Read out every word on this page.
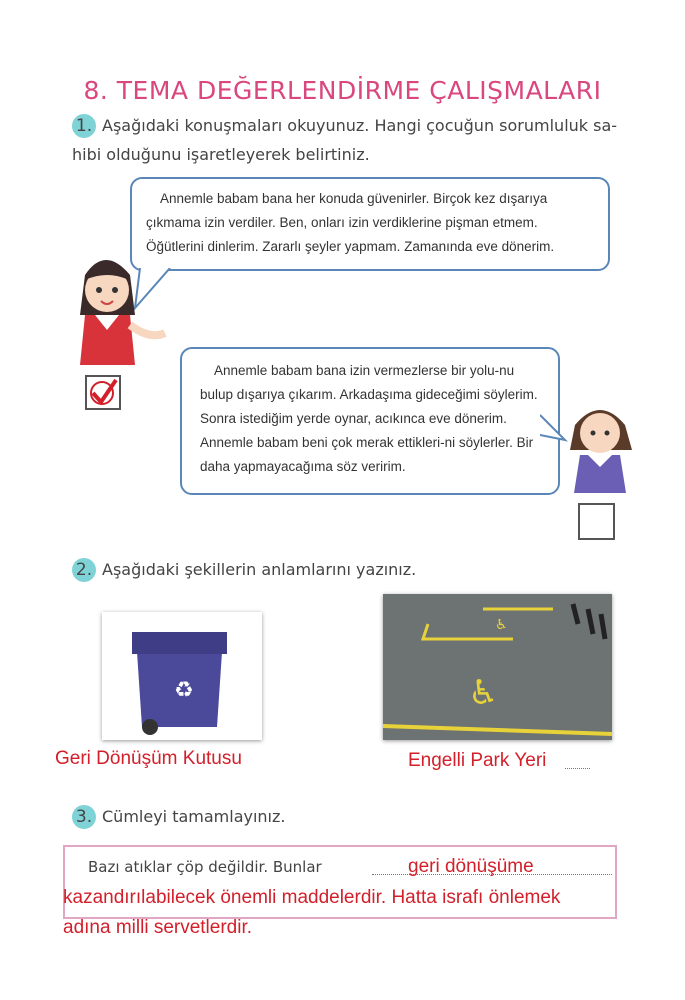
8. TEMA DEĞERLENDİRME ÇALIŞMALARI
1. Aşağıdaki konuşmaları okuyunuz. Hangi çocuğun sorumluluk sa-
hibi olduğunu işaretleyerek belirtiniz.
Annemle babam bana her konuda güvenirler. Birçok kez dışarıya çıkmama izin verdiler. Ben, onları izin verdiklerine pişman etmem. Öğütlerini dinlerim. Zararlı şeyler yapmam. Zamanında eve dönerim.
Annemle babam bana izin vermezlerse bir yolu-nu bulup dışarıya çıkarım. Arkadaşıma gideceğimi söylerim. Sonra istediğim yerde oynar, acıkınca eve dönerim. Annemle babam beni çok merak ettikleri-ni söylerler. Bir daha yapmayacağıma söz veririm.
2. Aşağıdaki şekillerin anlamlarını yazınız.
♻	♿
♿
Geri Dönüşüm Kutusu	Engelli Park Yeri
3. Cümleyi tamamlayınız.
Bazı atıklar çöp değildir. Bunlar	geri dönüşüme
kazandırılabilecek önemli maddelerdir. Hatta israfı önlemek
adına milli servetlerdir.
